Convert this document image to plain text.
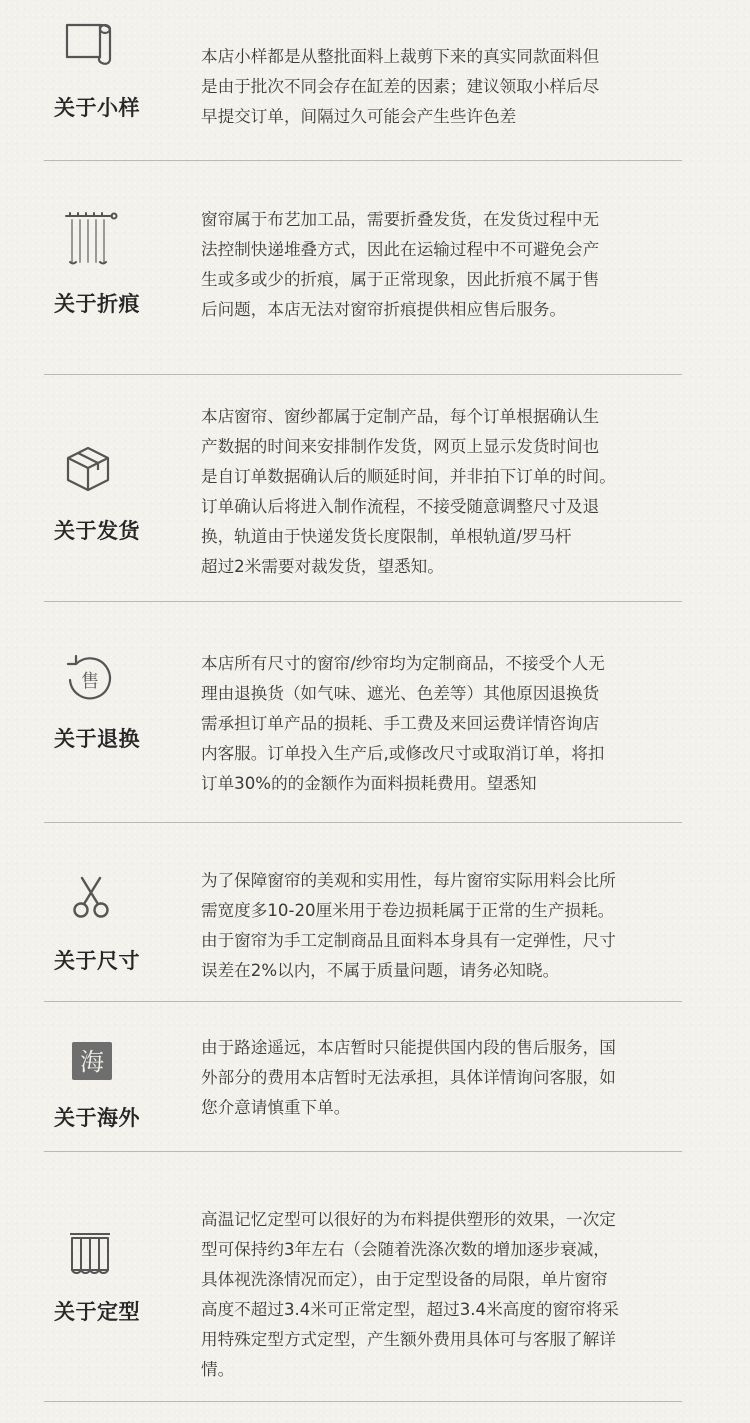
关于小样
本店小样都是从整批面料上裁剪下来的真实同款面料但
是由于批次不同会存在缸差的因素；建议领取小样后尽
早提交订单，间隔过久可能会产生些许色差
关于折痕
窗帘属于布艺加工品，需要折叠发货，在发货过程中无
法控制快递堆叠方式，因此在运输过程中不可避免会产
生或多或少的折痕，属于正常现象，因此折痕不属于售
后问题，本店无法对窗帘折痕提供相应售后服务。
关于发货
本店窗帘、窗纱都属于定制产品，每个订单根据确认生
产数据的时间来安排制作发货，网页上显示发货时间也
是自订单数据确认后的顺延时间，并非拍下订单的时间。
订单确认后将进入制作流程，不接受随意调整尺寸及退
换，轨道由于快递发货长度限制，单根轨道/罗马杆
超过2米需要对裁发货，望悉知。
售
关于退换
本店所有尺寸的窗帘/纱帘均为定制商品，不接受个人无
理由退换货（如气味、遮光、色差等）其他原因退换货
需承担订单产品的损耗、手工费及来回运费详情咨询店
内客服。订单投入生产后,或修改尺寸或取消订单，将扣
订单30%的的金额作为面料损耗费用。望悉知
关于尺寸
为了保障窗帘的美观和实用性，每片窗帘实际用料会比所
需宽度多10-20厘米用于卷边损耗属于正常的生产损耗。
由于窗帘为手工定制商品且面料本身具有一定弹性，尺寸
误差在2%以内，不属于质量问题，请务必知晓。
海
关于海外
由于路途遥远，本店暂时只能提供国内段的售后服务，国
外部分的费用本店暂时无法承担，具体详情询问客服，如
您介意请慎重下单。
关于定型
高温记忆定型可以很好的为布料提供塑形的效果，一次定
型可保持约3年左右（会随着洗涤次数的增加逐步衰减，
具体视洗涤情况而定），由于定型设备的局限，单片窗帘
高度不超过3.4米可正常定型，超过3.4米高度的窗帘将采
用特殊定型方式定型，产生额外费用具体可与客服了解详
情。
